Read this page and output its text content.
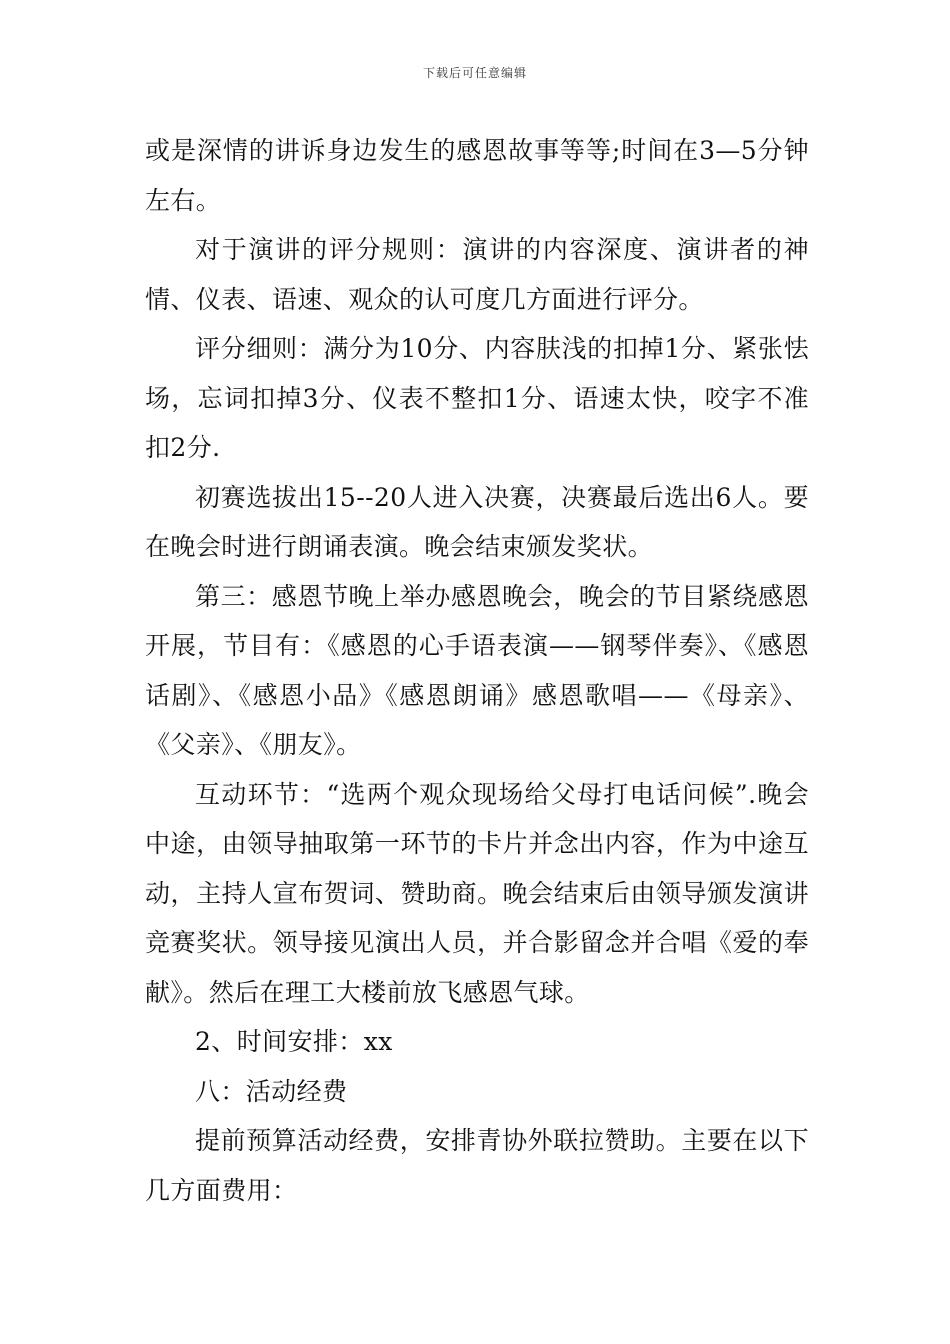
下载后可任意编辑

或是深情的讲诉身边发生的感恩故事等等;时间在3—5分钟左右。

对于演讲的评分规则：演讲的内容深度、演讲者的神情、仪表、语速、观众的认可度几方面进行评分。

评分细则：满分为10分、内容肤浅的扣掉1分、紧张怯场，忘词扣掉3分、仪表不整扣1分、语速太快，咬字不准扣2分.

初赛选拔出15--20人进入决赛，决赛最后选出6人。要在晚会时进行朗诵表演。晚会结束颁发奖状。

第三：感恩节晚上举办感恩晚会，晚会的节目紧绕感恩开展，节目有：《感恩的心手语表演——钢琴伴奏》、《感恩话剧》、《感恩小品》《感恩朗诵》感恩歌唱——《母亲》、《父亲》、《朋友》。

互动环节：“选两个观众现场给父母打电话问候”.晚会中途，由领导抽取第一环节的卡片并念出内容，作为中途互动，主持人宣布贺词、赞助商。晚会结束后由领导颁发演讲竞赛奖状。领导接见演出人员，并合影留念并合唱《爱的奉献》。然后在理工大楼前放飞感恩气球。

2、时间安排：xx

八：活动经费

提前预算活动经费，安排青协外联拉赞助。主要在以下几方面费用：
